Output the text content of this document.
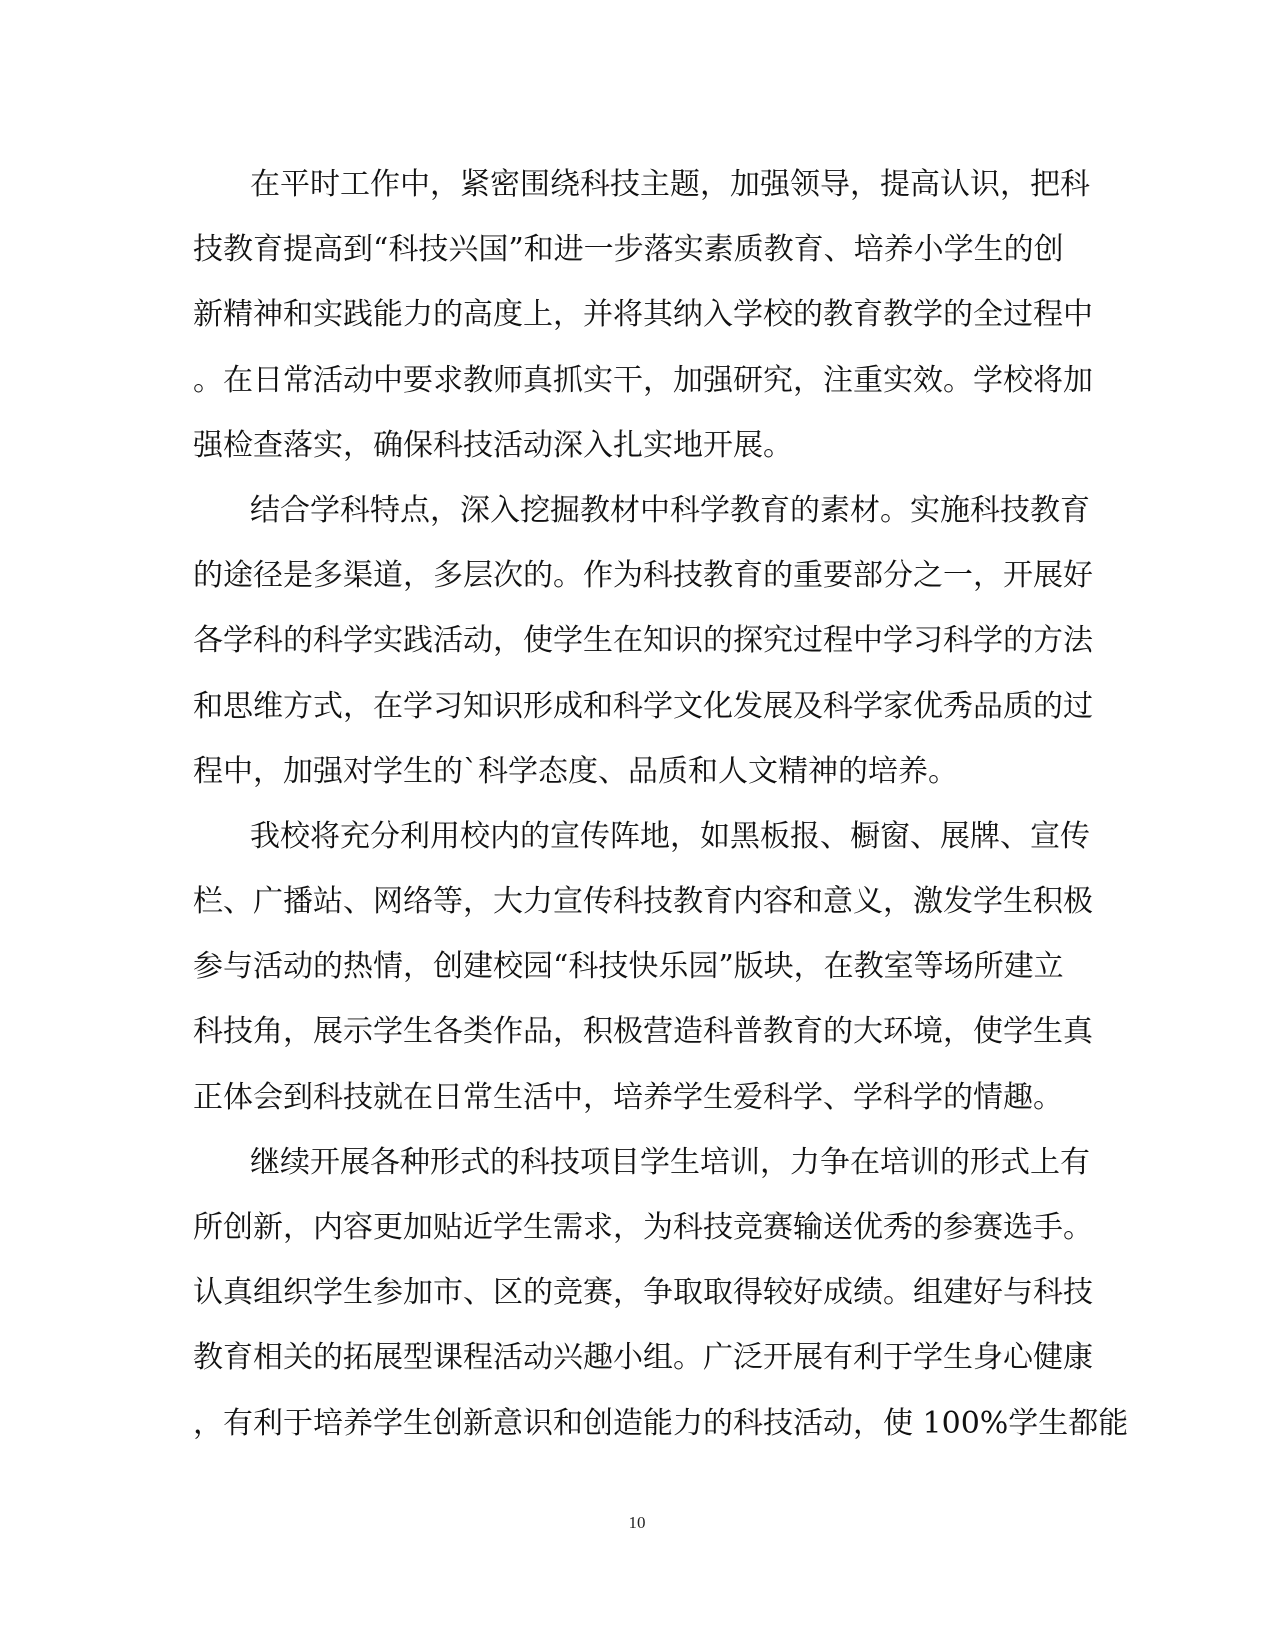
在平时工作中，紧密围绕科技主题，加强领导，提高认识，把科
技教育提高到“科技兴国”和进一步落实素质教育、培养小学生的创
新精神和实践能力的高度上，并将其纳入学校的教育教学的全过程中
。在日常活动中要求教师真抓实干，加强研究，注重实效。学校将加
强检查落实，确保科技活动深入扎实地开展。
结合学科特点，深入挖掘教材中科学教育的素材。实施科技教育
的途径是多渠道，多层次的。作为科技教育的重要部分之一，开展好
各学科的科学实践活动，使学生在知识的探究过程中学习科学的方法
和思维方式，在学习知识形成和科学文化发展及科学家优秀品质的过
程中，加强对学生的`科学态度、品质和人文精神的培养。
我校将充分利用校内的宣传阵地，如黑板报、橱窗、展牌、宣传
栏、广播站、网络等，大力宣传科技教育内容和意义，激发学生积极
参与活动的热情，创建校园“科技快乐园”版块，在教室等场所建立
科技角，展示学生各类作品，积极营造科普教育的大环境，使学生真
正体会到科技就在日常生活中，培养学生爱科学、学科学的情趣。
继续开展各种形式的科技项目学生培训，力争在培训的形式上有
所创新，内容更加贴近学生需求，为科技竞赛输送优秀的参赛选手。
认真组织学生参加市、区的竞赛，争取取得较好成绩。组建好与科技
教育相关的拓展型课程活动兴趣小组。广泛开展有利于学生身心健康
，有利于培养学生创新意识和创造能力的科技活动，使 100%学生都能
10
